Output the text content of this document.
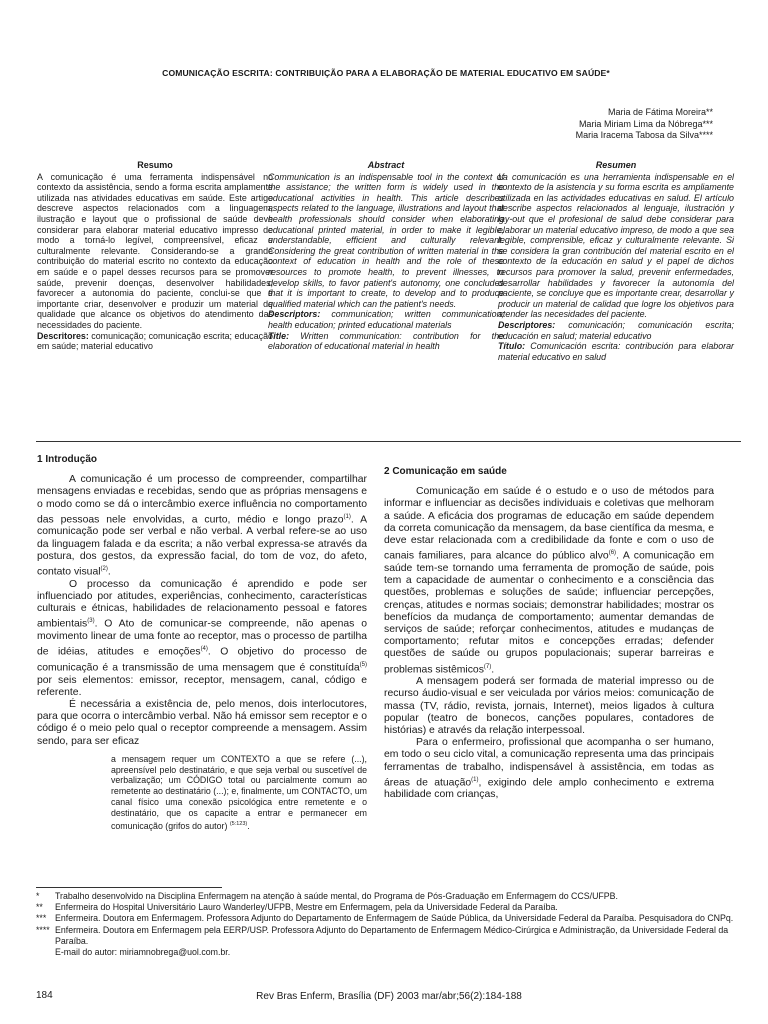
COMUNICAÇÃO ESCRITA: CONTRIBUIÇÃO PARA A ELABORAÇÃO DE MATERIAL EDUCATIVO EM SAÚDE*
Maria de Fátima Moreira**
Maria Miriam Lima da Nóbrega***
Maria Iracema Tabosa da Silva****
Resumo

A comunicação é uma ferramenta indispensável no contexto da assistência, sendo a forma escrita amplamente utilizada nas atividades educativas em saúde. Este artigo descreve aspectos relacionados com a linguagem, ilustração e layout que o profissional de saúde deve considerar para elaborar material educativo impresso de modo a torná-lo legível, compreensível, eficaz e culturalmente relevante. Considerando-se a grande contribuição do material escrito no contexto da educação em saúde e o papel desses recursos para se promover saúde, prevenir doenças, desenvolver habilidades, favorecer a autonomia do paciente, conclui-se que é importante criar, desenvolver e produzir um material de qualidade que alcance os objetivos do atendimento das necessidades do paciente.

Descritores: comunicação; comunicação escrita; educação em saúde; material educativo

Abstract

Communication is an indispensable tool in the context of the assistance; the written form is widely used in the educational activities in health. This article describes aspects related to the language, illustrations and layout that health professionals should consider when elaborating educational printed material, in order to make it legible, understandable, efficient and culturally relevant. Considering the great contribution of written material in the context of education in health and the role of these resources to promote health, to prevent illnesses, to develop skills, to favor patient's autonomy, one concludes that it is important to create, to develop and to produce qualified material which can the patient's needs.

Descriptors: communication; written communication; health education; printed educational materials

Title: Written communication: contribution for the elaboration of educational material in health

Resumen

La comunicación es una herramienta indispensable en el contexto de la asistencia y su forma escrita es ampliamente utilizada en las actividades educativas en salud. El artículo describe aspectos relacionados al lenguaje, ilustración y lay-out que el profesional de salud debe considerar para elaborar un material educativo impreso, de modo a que sea legible, comprensible, eficaz y culturalmente relevante. Si se considera la gran contribución del material escrito en el contexto de la educación en salud y el papel de dichos recursos para promover la salud, prevenir enfermedades, desarrollar habilidades y favorecer la autonomía del paciente, se concluye que es importante crear, desarrollar y producir un material de calidad que logre los objetivos para atender las necesidades del paciente.

Descriptores: comunicación; comunicación escrita; educación en salud; material educativo

Título: Comunicación escrita: contribución para elaborar material educativo en salud

1 Introdução

A comunicação é um processo de compreender, compartilhar mensagens enviadas e recebidas, sendo que as próprias mensagens e o modo como se dá o intercâmbio exerce influência no comportamento das pessoas nele envolvidas, a curto, médio e longo prazo$^{(1)}$. A comunicação pode ser verbal e não verbal. A verbal refere-se ao uso da linguagem falada e da escrita; a não verbal expressa-se através da postura, dos gestos, da expressão facial, do tom de voz, do afeto, contato visual$^{(2)}$.

O processo da comunicação é aprendido e pode ser influenciado por atitudes, experiências, conhecimento, características culturais e étnicas, habilidades de relacionamento pessoal e fatores ambientais$^{(3)}$. O Ato de comunicar-se compreende, não apenas o movimento linear de uma fonte ao receptor, mas o processo de partilha de idéias, atitudes e emoções$^{(4)}$. O objetivo do processo de comunicação é a transmissão de uma mensagem que é constituída$^{(5)}$ por seis elementos: emissor, receptor, mensagem, canal, código e referente.

É necessária a existência de, pelo menos, dois interlocutores, para que ocorra o intercâmbio verbal. Não há emissor sem receptor e o código é o meio pelo qual o receptor compreende a mensagem. Assim sendo, para ser eficaz

a mensagem requer um CONTEXTO a que se refere (...), apreensível pelo destinatário, e que seja verbal ou suscetível de verbalização; um CÓDIGO total ou parcialmente comum ao remetente ao destinatário (...); e, finalmente, um CONTACTO, um canal físico uma conexão psicológica entre remetente e o destinatário, que os capacite a entrar e permanecer em comunicação (grifos do autor) $^{(5:123)}$.
2 Comunicação em saúde

Comunicação em saúde é o estudo e o uso de métodos para informar e influenciar as decisões individuais e coletivas que melhoram a saúde. A eficácia dos programas de educação em saúde dependem da correta comunicação da mensagem, da base científica da mesma, e deve estar relacionada com a credibilidade da fonte e com o uso de canais familiares, para alcance do público alvo$^{(6)}$. A comunicação em saúde tem-se tornando uma ferramenta de promoção de saúde, pois tem a capacidade de aumentar o conhecimento e a consciência das questões, problemas e soluções de saúde; influenciar percepções, crenças, atitudes e normas sociais; demonstrar habilidades; mostrar os benefícios da mudança de comportamento; aumentar demandas de serviços de saúde; reforçar conhecimentos, atitudes e mudanças de comportamento; refutar mitos e concepções erradas; defender questões de saúde ou grupos populacionais; superar barreiras e problemas sistêmicos$^{(7)}$.

A mensagem poderá ser formada de material impresso ou de recurso áudio-visual e ser veiculada por vários meios: comunicação de massa (TV, rádio, revista, jornais, Internet), meios ligados à cultura popular (teatro de bonecos, canções populares, contadores de histórias) e através da relação interpessoal.

Para o enfermeiro, profissional que acompanha o ser humano, em todo o seu ciclo vital, a comunicação representa uma das principais ferramentas de trabalho, indispensável à assistência, em todas as áreas de atuação$^{(1)}$, exigindo dele amplo conhecimento e extrema habilidade com crianças,

*	Trabalho desenvolvido na Disciplina Enfermagem na atenção à saúde mental, do Programa de Pós-Graduação em Enfermagem do CCS/UFPB.
**	Enfermeira do Hospital Universitário Lauro Wanderley/UFPB, Mestre em Enfermagem, pela da Universidade Federal da Paraíba.
*** Enfermeira. Doutora em Enfermagem. Professora Adjunto do Departamento de Enfermagem de Saúde Pública, da Universidade Federal da Paraíba. Pesquisadora do CNPq.
**** Enfermeira. Doutora em Enfermagem pela EERP/USP. Professora Adjunto do Departamento de Enfermagem Médico-Cirúrgica e Administração, da Universidade Federal da Paraíba.
E-mail do autor: miriamnobrega@uol.com.br.
184	Rev Bras Enferm, Brasília (DF) 2003 mar/abr;56(2):184-188
